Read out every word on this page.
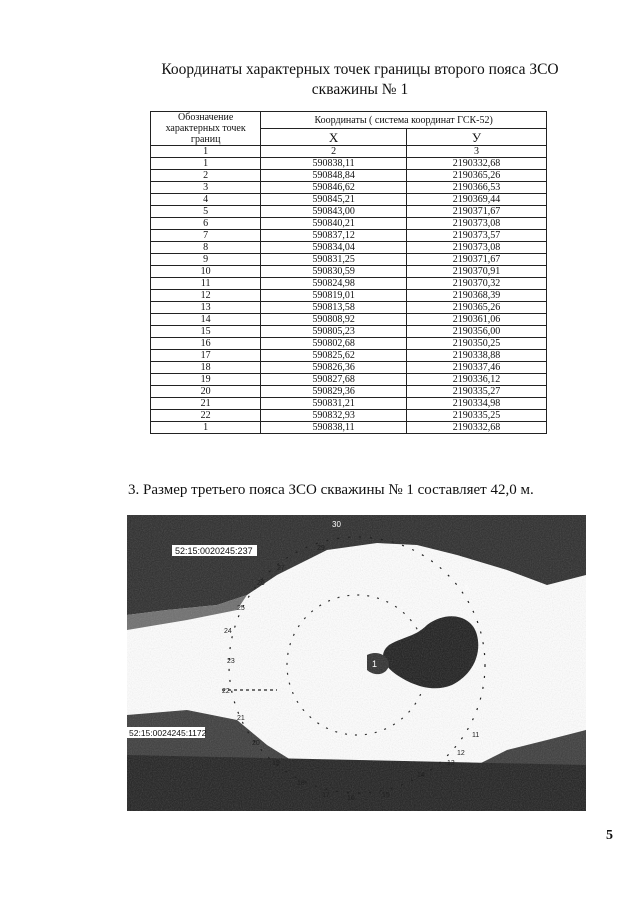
Координаты характерных точек границы второго пояса ЗСО
скважины № 1
Обозначение характерных точек границ	Координаты ( система координат ГСК-52)	
	X	У
1	2	3
1	590838,11	2190332,68
2	590848,84	2190365,26
3	590846,62	2190366,53
4	590845,21	2190369,44
5	590843,00	2190371,67
6	590840,21	2190373,08
7	590837,12	2190373,57
8	590834,04	2190373,08
9	590831,25	2190371,67
10	590830,59	2190370,91
11	590824,98	2190370,32
12	590819,01	2190368,39
13	590813,58	2190365,26
14	590808,92	2190361,06
15	590805,23	2190356,00
16	590802,68	2190350,25
17	590825,62	2190338,88
18	590826,36	2190337,46
19	590827,68	2190336,12
20	590829,36	2190335,27
21	590831,21	2190334,98
22	590832,93	2190335,25
1	590838,11	2190332,68
3. Размер третьего пояса ЗСО скважины № 1 составляет 42,0 м.
52:15:0020245:237
52:15:0024245:1172
30
1
29
27
26
25
24
23
22
21
20
19
18
17 16	15
14
13
12
11
5
5
